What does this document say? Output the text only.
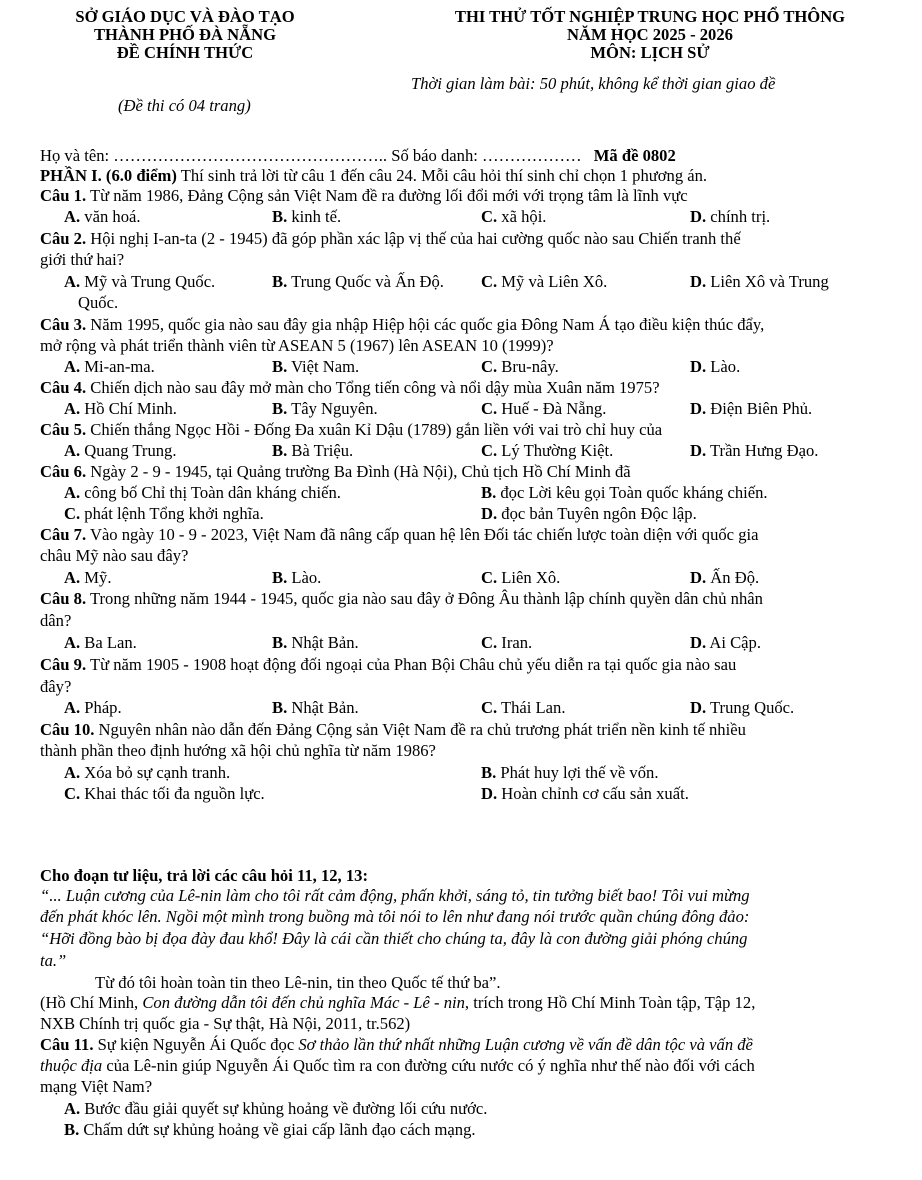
SỞ GIÁO DỤC VÀ ĐÀO TẠO
THÀNH PHỐ ĐÀ NẴNG
ĐỀ CHÍNH THỨC
(Đề thi có 04 trang)
THI THỬ TỐT NGHIỆP TRUNG HỌC PHỔ THÔNG
NĂM HỌC 2025 - 2026
MÔN: LỊCH SỬ
Thời gian làm bài: 50 phút, không kể thời gian giao đề
Họ và tên: ………………………………………….. Số báo danh: ……………… Mã đề 0802
PHẦN I. (6.0 điểm) Thí sinh trả lời từ câu 1 đến câu 24. Mỗi câu hỏi thí sinh chỉ chọn 1 phương án.
Câu 1. Từ năm 1986, Đảng Cộng sản Việt Nam đề ra đường lối đổi mới với trọng tâm là lĩnh vực
A. văn hoá.	B. kinh tế.	C. xã hội.	D. chính trị.
Câu 2. Hội nghị I-an-ta (2 - 1945) đã góp phần xác lập vị thế của hai cường quốc nào sau Chiến tranh thế
giới thứ hai?
A. Mỹ và Trung Quốc.	B. Trung Quốc và Ấn Độ. C. Mỹ và Liên Xô.	D. Liên Xô và Trung
Quốc.
Câu 3. Năm 1995, quốc gia nào sau đây gia nhập Hiệp hội các quốc gia Đông Nam Á tạo điều kiện thúc đẩy,
mở rộng và phát triển thành viên từ ASEAN 5 (1967) lên ASEAN 10 (1999)?
A. Mi-an-ma.	B. Việt Nam.	C. Bru-nây.	D. Lào.
Câu 4. Chiến dịch nào sau đây mở màn cho Tổng tiến công và nổi dậy mùa Xuân năm 1975?
A. Hồ Chí Minh.	B. Tây Nguyên.	C. Huế - Đà Nẵng.	D. Điện Biên Phủ.
Câu 5. Chiến thắng Ngọc Hồi - Đống Đa xuân Kỉ Dậu (1789) gắn liền với vai trò chỉ huy của
A. Quang Trung.	B. Bà Triệu.	C. Lý Thường Kiệt.	D. Trần Hưng Đạo.
Câu 6. Ngày 2 - 9 - 1945, tại Quảng trường Ba Đình (Hà Nội), Chủ tịch Hồ Chí Minh đã
A. công bố Chỉ thị Toàn dân kháng chiến.	B. đọc Lời kêu gọi Toàn quốc kháng chiến.
C. phát lệnh Tổng khởi nghĩa.	D. đọc bản Tuyên ngôn Độc lập.
Câu 7. Vào ngày 10 - 9 - 2023, Việt Nam đã nâng cấp quan hệ lên Đối tác chiến lược toàn diện với quốc gia
châu Mỹ nào sau đây?
A. Mỹ.	B. Lào.	C. Liên Xô.	D. Ấn Độ.
Câu 8. Trong những năm 1944 - 1945, quốc gia nào sau đây ở Đông Âu thành lập chính quyền dân chủ nhân
dân?
A. Ba Lan.	B. Nhật Bản.	C. Iran.	D. Ai Cập.
Câu 9. Từ năm 1905 - 1908 hoạt động đối ngoại của Phan Bội Châu chủ yếu diễn ra tại quốc gia nào sau
đây?
A. Pháp.	B. Nhật Bản.	C. Thái Lan.	D. Trung Quốc.
Câu 10. Nguyên nhân nào dẫn đến Đảng Cộng sản Việt Nam đề ra chủ trương phát triển nền kinh tế nhiều
thành phần theo định hướng xã hội chủ nghĩa từ năm 1986?
A. Xóa bỏ sự cạnh tranh.	B. Phát huy lợi thế về vốn.
C. Khai thác tối đa nguồn lực.	D. Hoàn chỉnh cơ cấu sản xuất.
Cho đoạn tư liệu, trả lời các câu hỏi 11, 12, 13:
“... Luận cương của Lê-nin làm cho tôi rất cảm động, phấn khởi, sáng tỏ, tin tưởng biết bao! Tôi vui mừng
đến phát khóc lên. Ngồi một mình trong buồng mà tôi nói to lên như đang nói trước quần chúng đông đảo:
“Hỡi đồng bào bị đọa đày đau khổ! Đây là cái cần thiết cho chúng ta, đây là con đường giải phóng chúng
ta.”
Từ đó tôi hoàn toàn tin theo Lê-nin, tin theo Quốc tế thứ ba”.
(Hồ Chí Minh, Con đường dẫn tôi đến chủ nghĩa Mác - Lê - nin, trích trong Hồ Chí Minh Toàn tập, Tập 12,
NXB Chính trị quốc gia - Sự thật, Hà Nội, 2011, tr.562)
Câu 11. Sự kiện Nguyễn Ái Quốc đọc Sơ thảo lần thứ nhất những Luận cương về vấn đề dân tộc và vấn đề
thuộc địa của Lê-nin giúp Nguyễn Ái Quốc tìm ra con đường cứu nước có ý nghĩa như thế nào đối với cách
mạng Việt Nam?
A. Bước đầu giải quyết sự khủng hoảng về đường lối cứu nước.
B. Chấm dứt sự khủng hoảng về giai cấp lãnh đạo cách mạng.
